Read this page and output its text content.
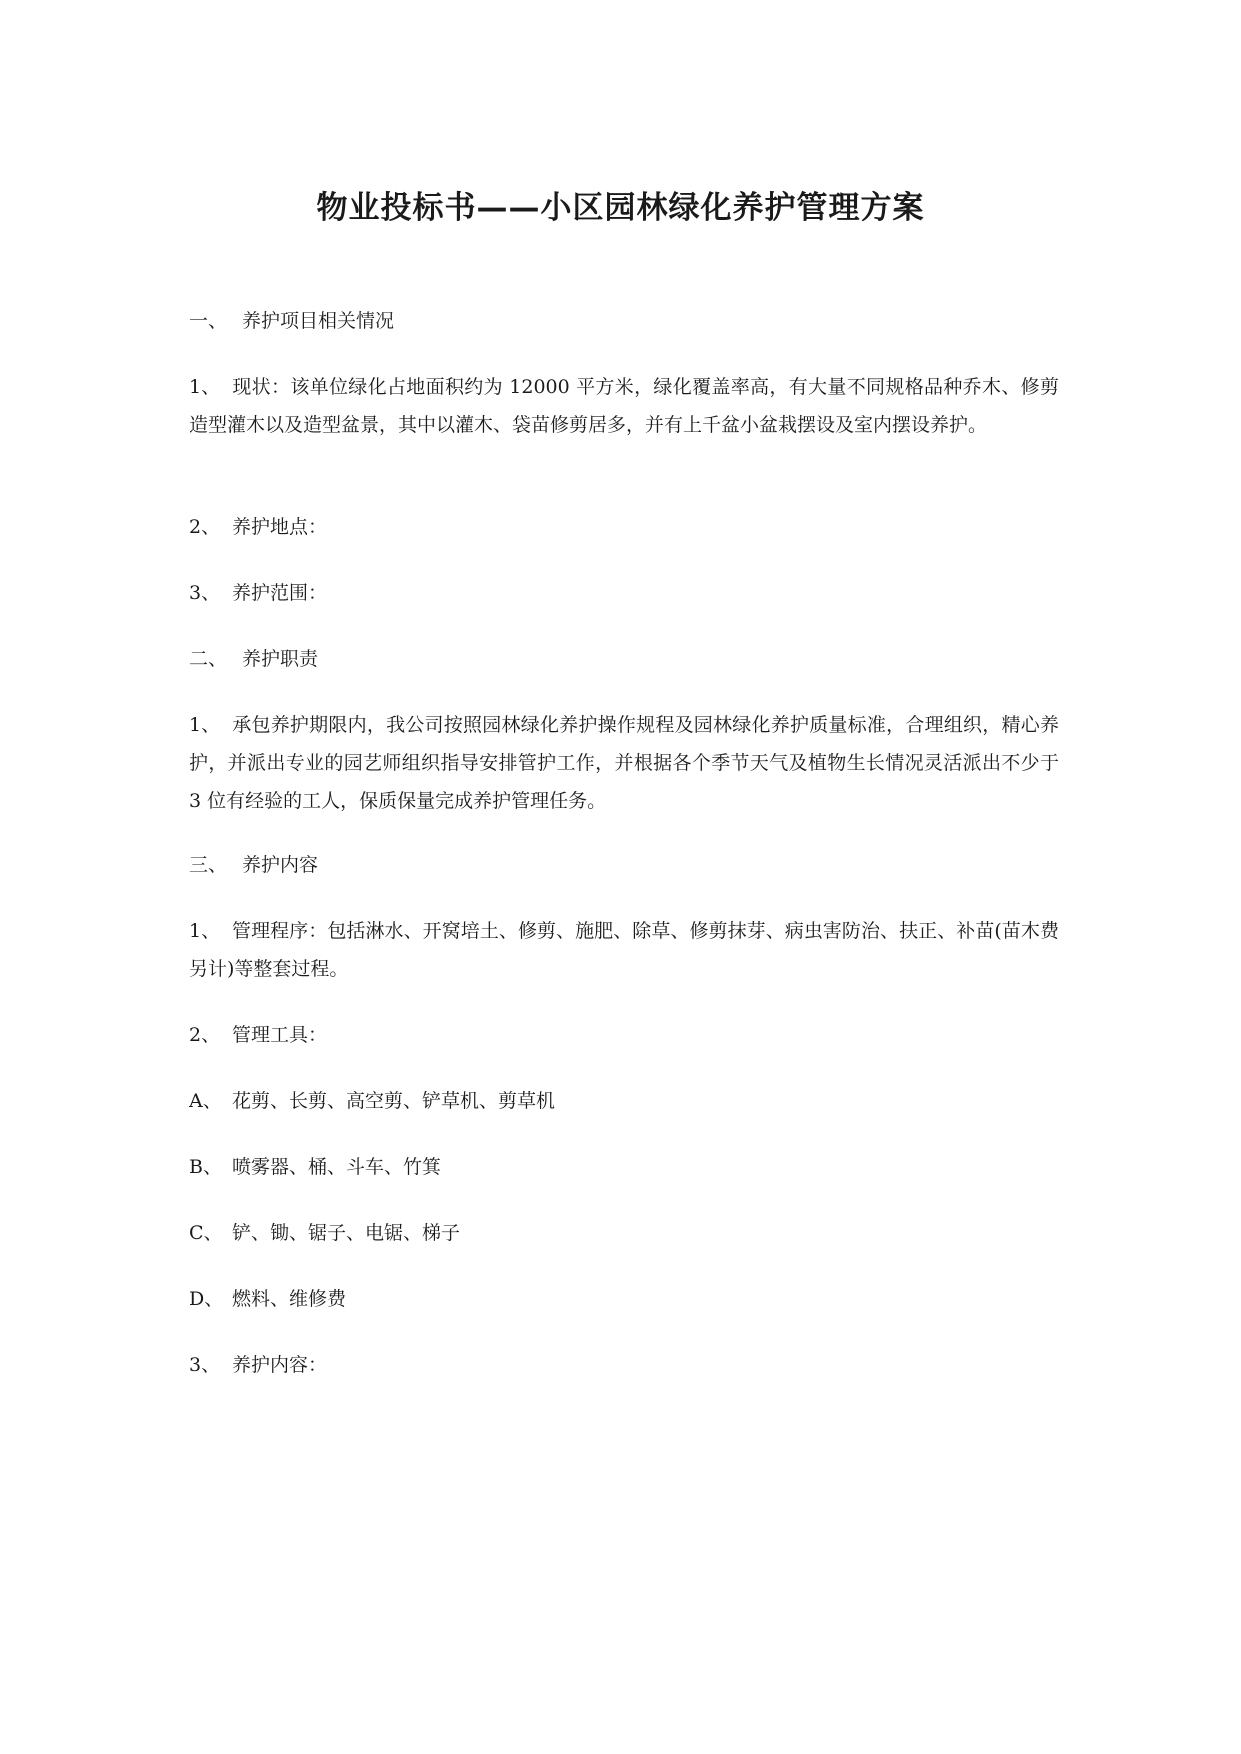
物业投标书——小区园林绿化养护管理方案
一、 养护项目相关情况
1、 现状：该单位绿化占地面积约为 12000 平方米，绿化覆盖率高，有大量不同规格品种乔木、修剪造型灌木以及造型盆景，其中以灌木、袋苗修剪居多，并有上千盆小盆栽摆设及室内摆设养护。
2、 养护地点：
3、 养护范围：
二、 养护职责
1、 承包养护期限内，我公司按照园林绿化养护操作规程及园林绿化养护质量标准，合理组织，精心养护，并派出专业的园艺师组织指导安排管护工作，并根据各个季节天气及植物生长情况灵活派出不少于 3 位有经验的工人，保质保量完成养护管理任务。
三、 养护内容
1、 管理程序：包括淋水、开窝培土、修剪、施肥、除草、修剪抹芽、病虫害防治、扶正、补苗(苗木费另计)等整套过程。
2、 管理工具：
A、 花剪、长剪、高空剪、铲草机、剪草机
B、 喷雾器、桶、斗车、竹箕
C、 铲、锄、锯子、电锯、梯子
D、 燃料、维修费
3、 养护内容：
